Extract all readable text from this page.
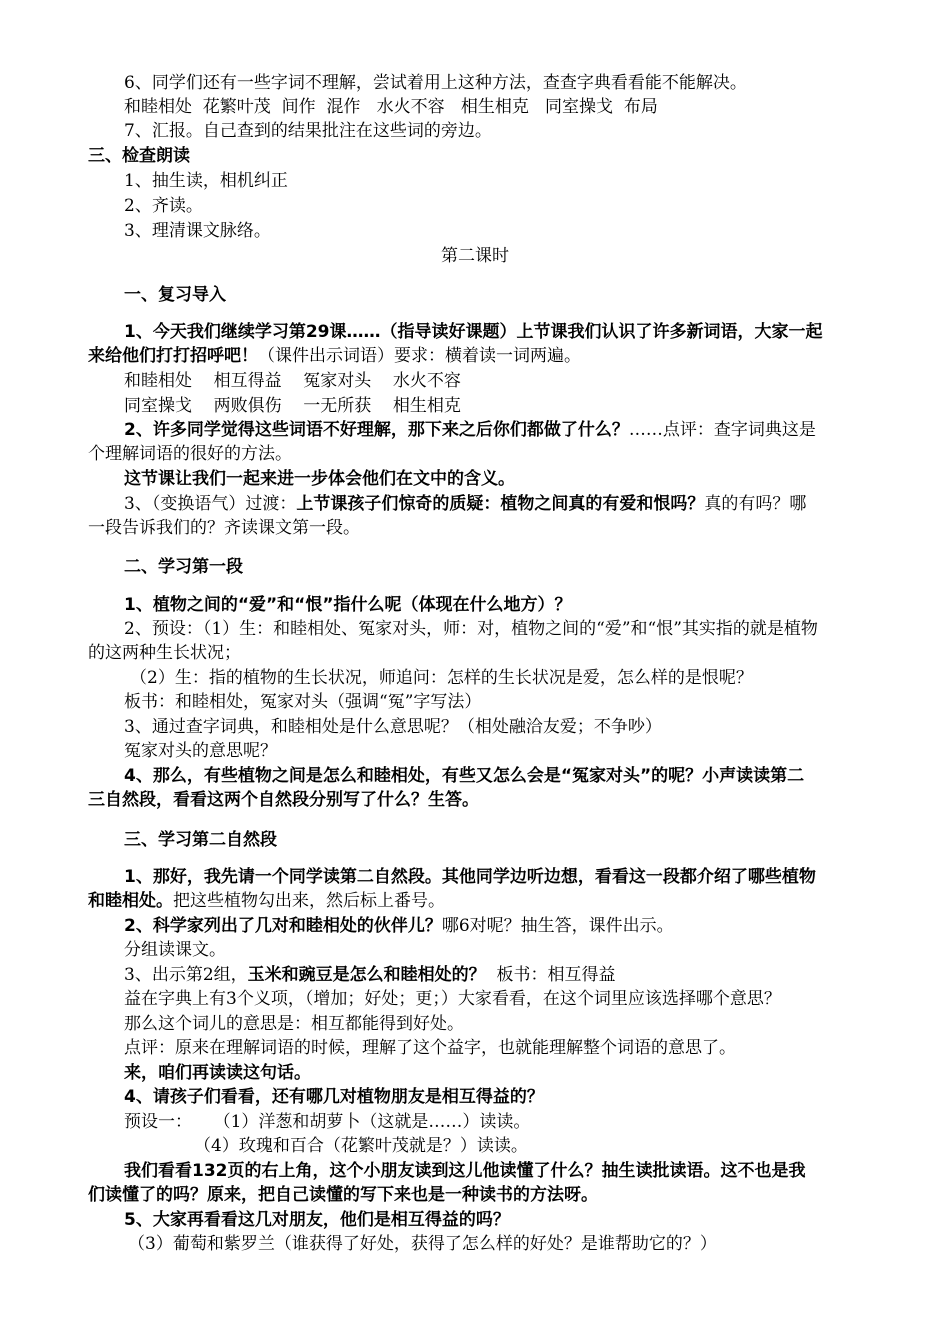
6、同学们还有一些字词不理解，尝试着用上这种方法，查查字典看看能不能解决。
和睦相处  花繁叶茂  间作  混作   水火不容   相生相克   同室操戈  布局
7、汇报。自己查到的结果批注在这些词的旁边。
三、检查朗读
1、抽生读，相机纠正
2、齐读。
3、理清课文脉络。
第二课时
一、复习导入
1、今天我们继续学习第29课……（指导读好课题）上节课我们认识了许多新词语，大家一起
来给他们打打招呼吧！（课件出示词语）要求：横着读一词两遍。
和睦相处    相互得益    冤家对头    水火不容
同室操戈    两败俱伤    一无所获    相生相克
2、许多同学觉得这些词语不好理解，那下来之后你们都做了什么？……点评：查字词典这是
个理解词语的很好的方法。
这节课让我们一起来进一步体会他们在文中的含义。
3、（变换语气）过渡：上节课孩子们惊奇的质疑：植物之间真的有爱和恨吗？真的有吗？哪
一段告诉我们的？齐读课文第一段。
二、学习第一段
1、植物之间的“爱”和“恨”指什么呢（体现在什么地方）？
2、预设：（1）生：和睦相处、冤家对头，师：对，植物之间的“爱”和“恨”其实指的就是植物
的这两种生长状况；
（2）生：指的植物的生长状况，师追问：怎样的生长状况是爱，怎么样的是恨呢？
板书：和睦相处，冤家对头（强调“冤”字写法）
3、通过查字词典，和睦相处是什么意思呢？（相处融洽友爱；不争吵）
冤家对头的意思呢？
4、那么，有些植物之间是怎么和睦相处，有些又怎么会是“冤家对头”的呢？小声读读第二
三自然段，看看这两个自然段分别写了什么？生答。
三、学习第二自然段
1、那好，我先请一个同学读第二自然段。其他同学边听边想，看看这一段都介绍了哪些植物
和睦相处。把这些植物勾出来，然后标上番号。
2、科学家列出了几对和睦相处的伙伴儿？哪6对呢？抽生答，课件出示。
分组读课文。
3、出示第2组，玉米和豌豆是怎么和睦相处的？  板书：相互得益
益在字典上有3个义项，（增加；好处；更；）大家看看，在这个词里应该选择哪个意思？
那么这个词儿的意思是：相互都能得到好处。
点评：原来在理解词语的时候，理解了这个益字，也就能理解整个词语的意思了。
来，咱们再读读这句话。
4、请孩子们看看，还有哪几对植物朋友是相互得益的？
预设一：    （1）洋葱和胡萝卜（这就是……）读读。
（4）玫瑰和百合（花繁叶茂就是？）读读。
我们看看132页的右上角，这个小朋友读到这儿他读懂了什么？抽生读批读语。这不也是我
们读懂了的吗？原来，把自己读懂的写下来也是一种读书的方法呀。
5、大家再看看这几对朋友，他们是相互得益的吗？
（3）葡萄和紫罗兰（谁获得了好处，获得了怎么样的好处？是谁帮助它的？）
